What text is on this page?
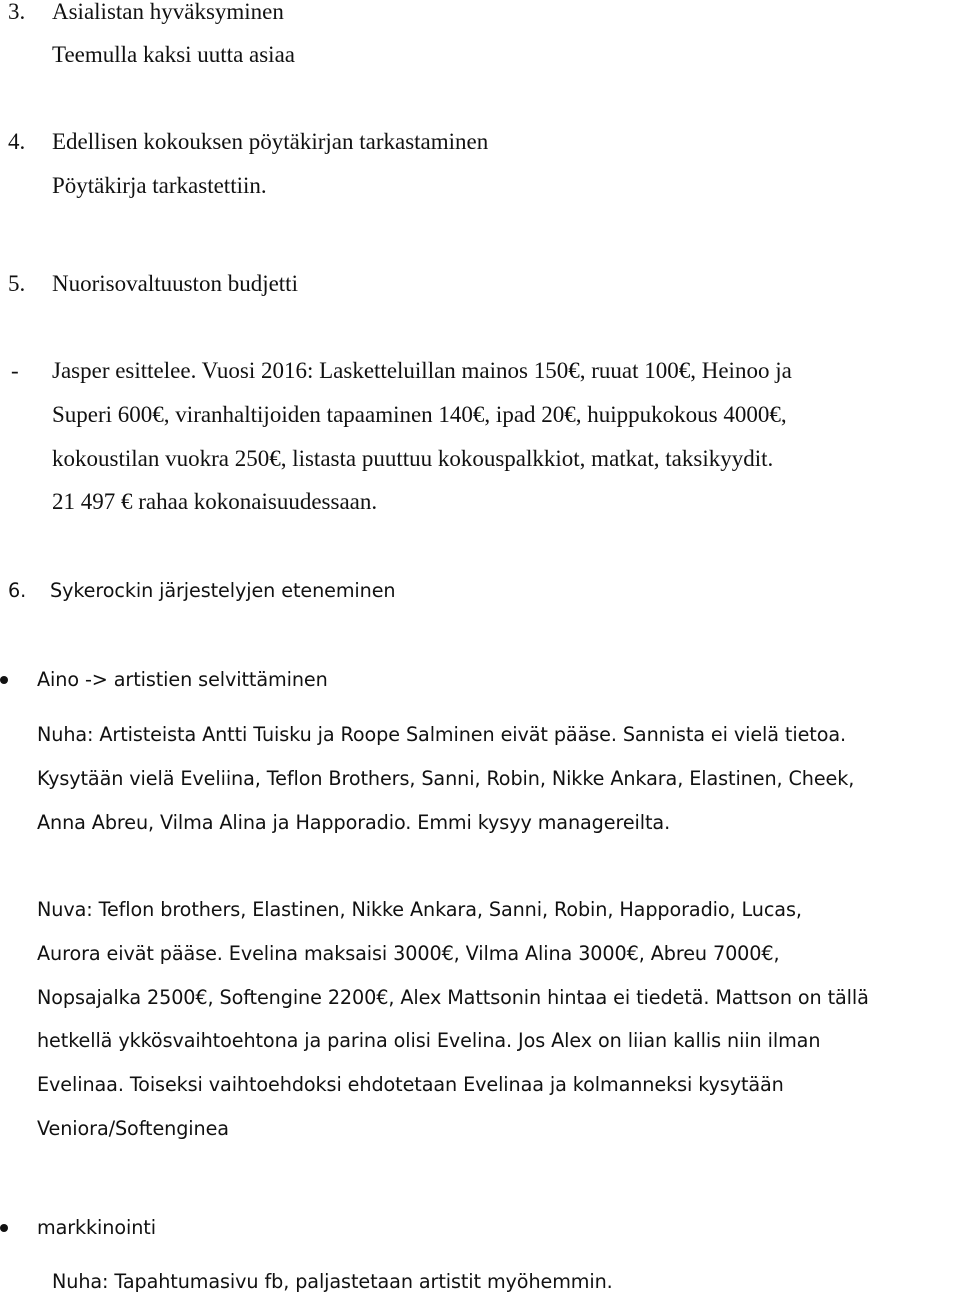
3. Asialistan hyväksyminen
Teemulla kaksi uutta asiaa
4. Edellisen kokouksen pöytäkirjan tarkastaminen
Pöytäkirja tarkastettiin.
5. Nuorisovaltuuston budjetti
- Jasper esittelee. Vuosi 2016: Lasketteluillan mainos 150€, ruuat 100€, Heinoo ja
Superi 600€, viranhaltijoiden tapaaminen 140€, ipad 20€, huippukokous 4000€,
kokoustilan vuokra 250€, listasta puuttuu kokouspalkkiot, matkat, taksikyydit.
21 497 € rahaa kokonaisuudessaan.
6. Sykerockin järjestelyjen eteneminen
Aino -> artistien selvittäminen
Nuha: Artisteista Antti Tuisku ja Roope Salminen eivät pääse. Sannista ei vielä tietoa.
Kysytään vielä Eveliina, Teflon Brothers, Sanni, Robin, Nikke Ankara, Elastinen, Cheek,
Anna Abreu, Vilma Alina ja Happoradio. Emmi kysyy managereilta.
Nuva: Teflon brothers, Elastinen, Nikke Ankara, Sanni, Robin, Happoradio, Lucas,
Aurora eivät pääse. Evelina maksaisi 3000€, Vilma Alina 3000€, Abreu 7000€,
Nopsajalka 2500€, Softengine 2200€, Alex Mattsonin hintaa ei tiedetä. Mattson on tällä
hetkellä ykkösvaihtoehtona ja parina olisi Evelina. Jos Alex on liian kallis niin ilman
Evelinaa. Toiseksi vaihtoehdoksi ehdotetaan Evelinaa ja kolmanneksi kysytään
Veniora/Softenginea
markkinointi
Nuha: Tapahtumasivu fb, paljastetaan artistit myöhemmin.
